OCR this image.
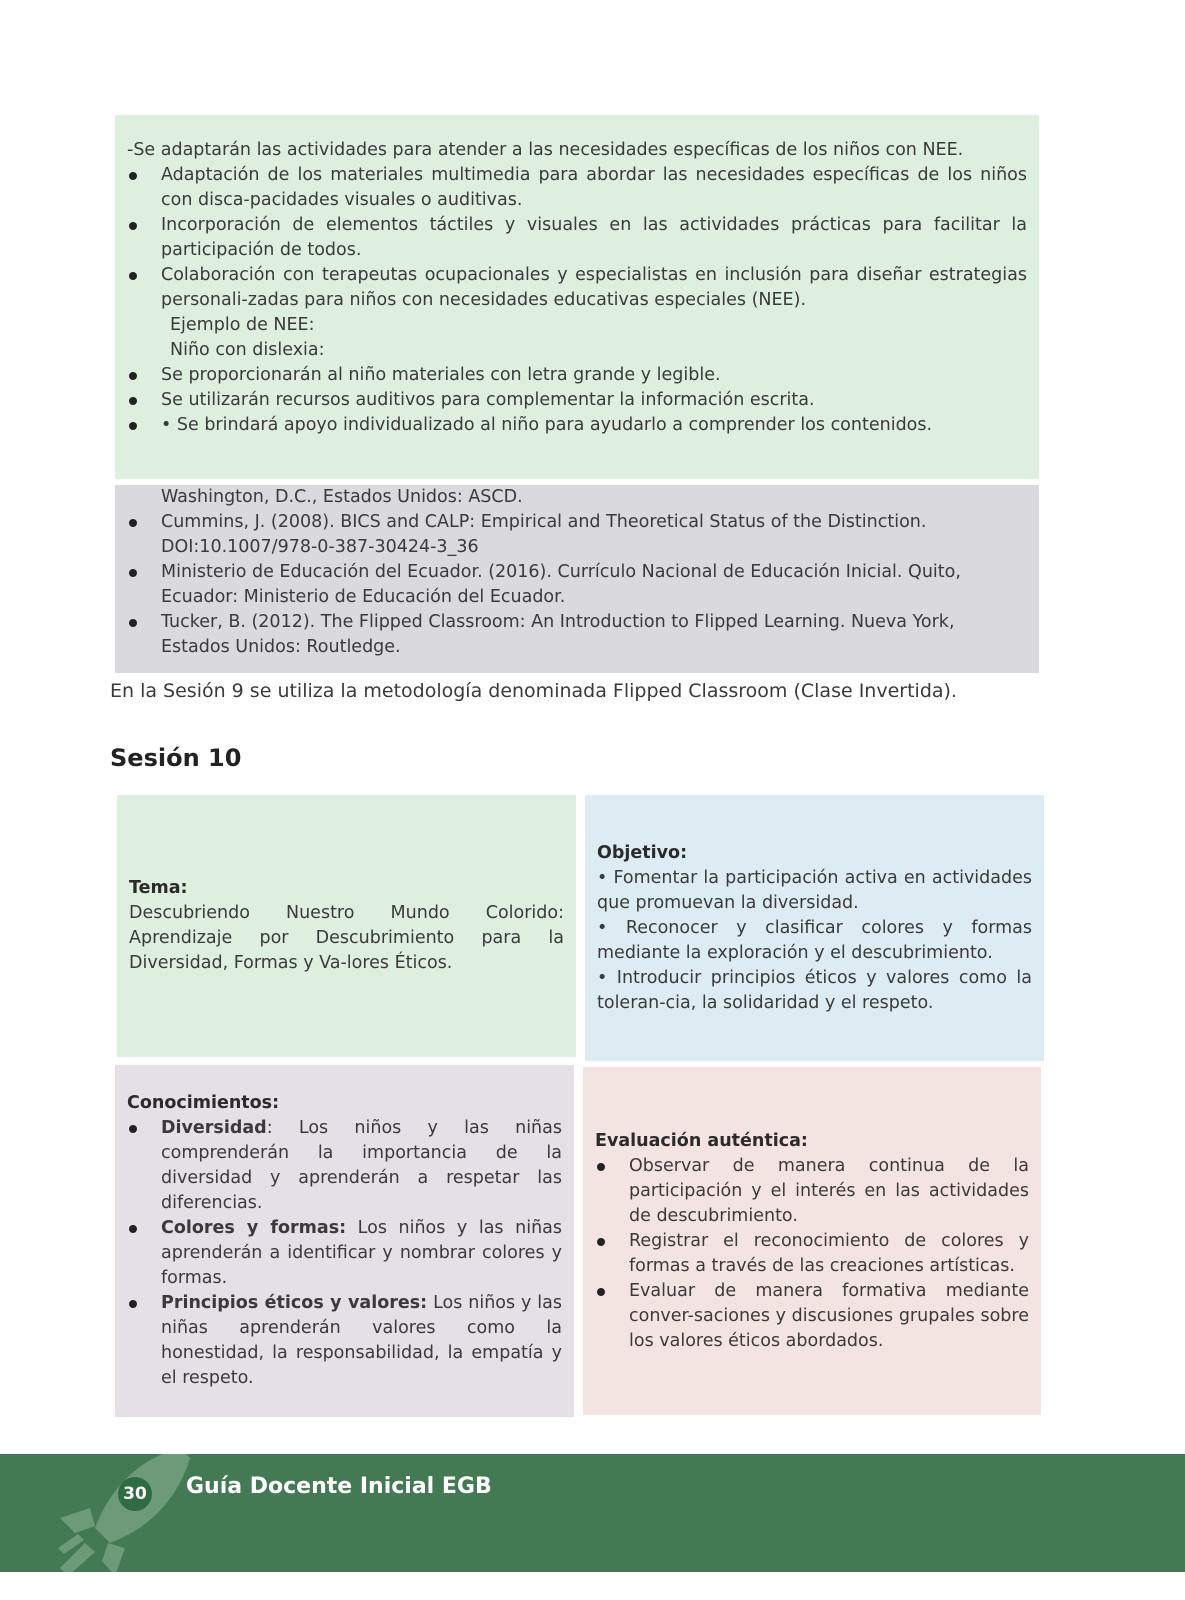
-Se adaptarán las actividades para atender a las necesidades específicas de los niños con NEE.
Adaptación de los materiales multimedia para abordar las necesidades específicas de los niños con disca-pacidades visuales o auditivas.
Incorporación de elementos táctiles y visuales en las actividades prácticas para facilitar la participación de todos.
Colaboración con terapeutas ocupacionales y especialistas en inclusión para diseñar estrategias personali-zadas para niños con necesidades educativas especiales (NEE).
Ejemplo de NEE:
Niño con dislexia:
Se proporcionarán al niño materiales con letra grande y legible.
Se utilizarán recursos auditivos para complementar la información escrita.
• Se brindará apoyo individualizado al niño para ayudarlo a comprender los contenidos.
Washington, D.C., Estados Unidos: ASCD.
Cummins, J. (2008). BICS and CALP: Empirical and Theoretical Status of the Distinction. DOI:10.1007/978-0-387-30424-3_36
Ministerio de Educación del Ecuador. (2016). Currículo Nacional de Educación Inicial. Quito, Ecuador: Ministerio de Educación del Ecuador.
Tucker, B. (2012). The Flipped Classroom: An Introduction to Flipped Learning. Nueva York, Estados Unidos: Routledge.

En la Sesión 9 se utiliza la metodología denominada Flipped Classroom (Clase Invertida).

Sesión 10
Tema:
Descubriendo Nuestro Mundo Colorido: Aprendizaje por Descubrimiento para la Diversidad, Formas y Va-lores Éticos.
Objetivo:
• Fomentar la participación activa en actividades que promuevan la diversidad.
• Reconocer y clasificar colores y formas mediante la exploración y el descubrimiento.
• Introducir principios éticos y valores como la toleran-cia, la solidaridad y el respeto.
Conocimientos:
Diversidad: Los niños y las niñas comprenderán la importancia de la diversidad y aprenderán a respetar las diferencias.
Colores y formas: Los niños y las niñas aprenderán a identificar y nombrar colores y formas.
Principios éticos y valores: Los niños y las niñas aprenderán valores como la honestidad, la responsabilidad, la empatía y el respeto.
Evaluación auténtica:
Observar de manera continua de la participación y el interés en las actividades de descubrimiento.
Registrar el reconocimiento de colores y formas a través de las creaciones artísticas.
Evaluar de manera formativa mediante conver-saciones y discusiones grupales sobre los valores éticos abordados.
30 Guía Docente Inicial EGB
